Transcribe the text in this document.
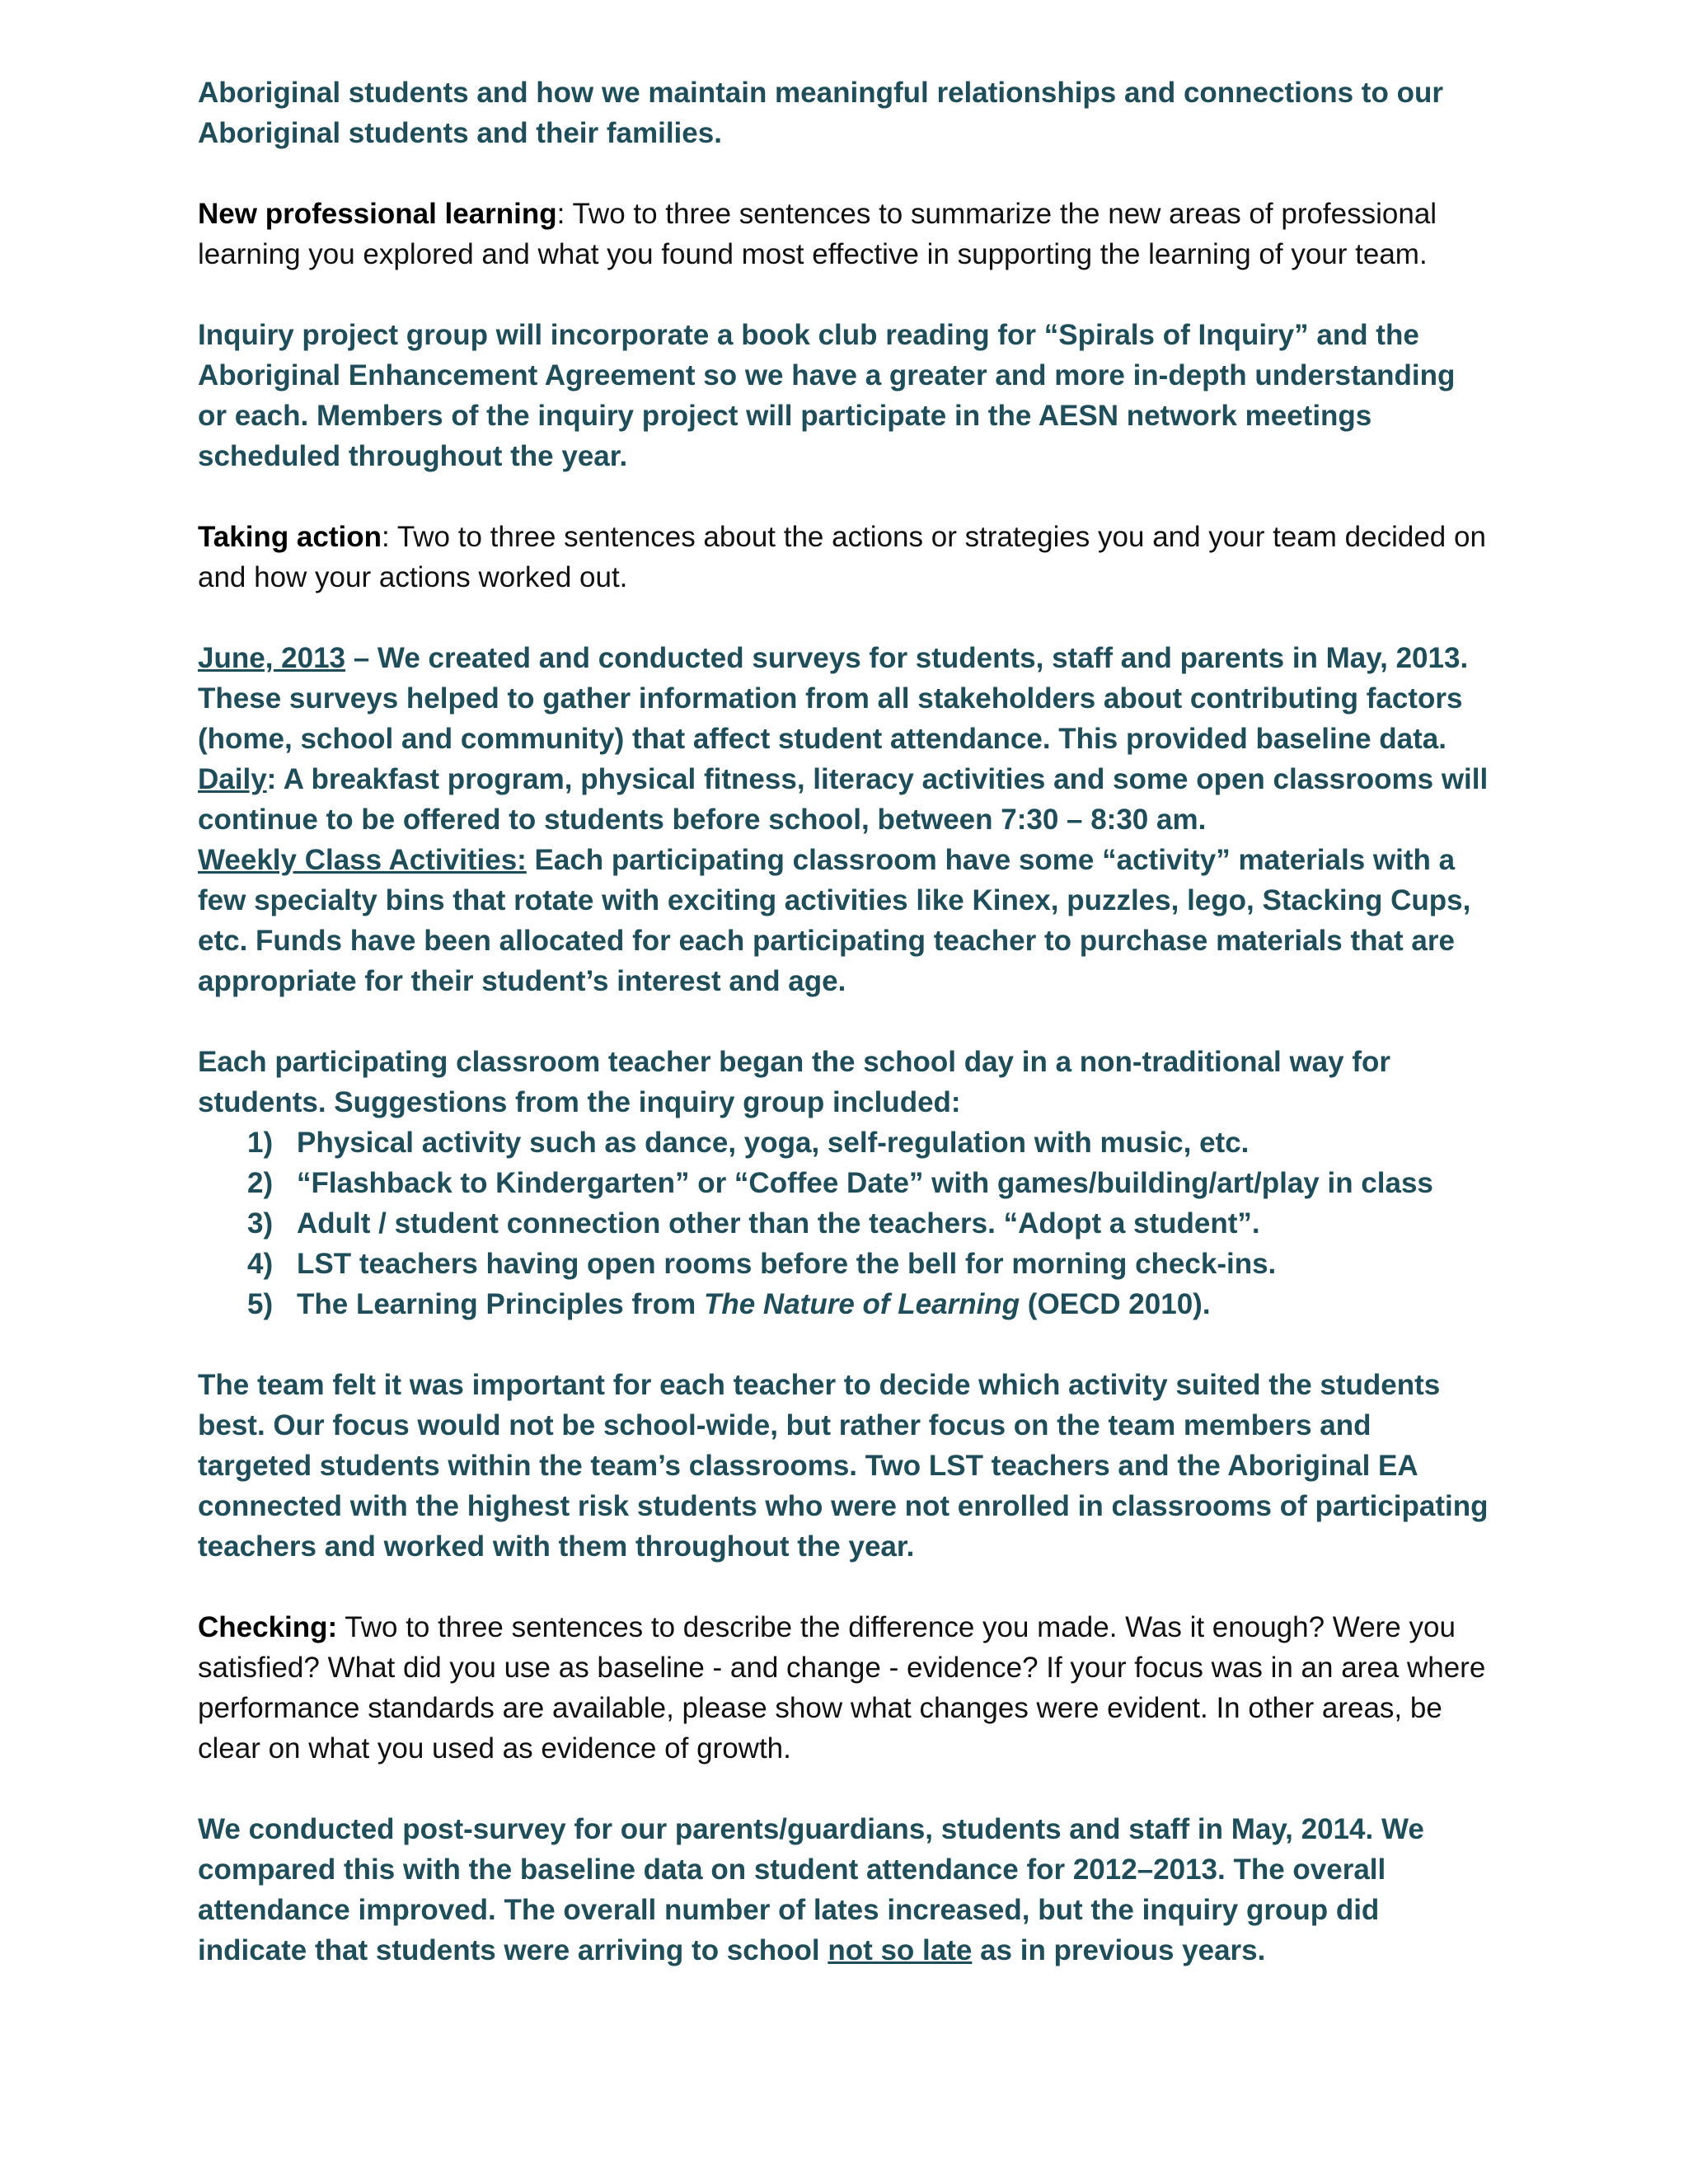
Aboriginal students and how we maintain meaningful relationships and connections to our Aboriginal students and their families.

New professional learning: Two to three sentences to summarize the new areas of professional learning you explored and what you found most effective in supporting the learning of your team.

Inquiry project group will incorporate a book club reading for “Spirals of Inquiry” and the Aboriginal Enhancement Agreement so we have a greater and more in-depth understanding or each. Members of the inquiry project will participate in the AESN network meetings scheduled throughout the year.

Taking action: Two to three sentences about the actions or strategies you and your team decided on and how your actions worked out.

June, 2013 – We created and conducted surveys for students, staff and parents in May, 2013. These surveys helped to gather information from all stakeholders about contributing factors (home, school and community) that affect student attendance. This provided baseline data.

Daily: A breakfast program, physical fitness, literacy activities and some open classrooms will continue to be offered to students before school, between 7:30 – 8:30 am.

Weekly Class Activities: Each participating classroom have some “activity” materials with a few specialty bins that rotate with exciting activities like Kinex, puzzles, lego, Stacking Cups, etc. Funds have been allocated for each participating teacher to purchase materials that are appropriate for their student’s interest and age.

Each participating classroom teacher began the school day in a non-traditional way for students. Suggestions from the inquiry group included:

1) Physical activity such as dance, yoga, self-regulation with music, etc.
2) “Flashback to Kindergarten” or “Coffee Date” with games/building/art/play in class
3) Adult / student connection other than the teachers. “Adopt a student”.
4) LST teachers having open rooms before the bell for morning check-ins.
5) The Learning Principles from The Nature of Learning (OECD 2010).

The team felt it was important for each teacher to decide which activity suited the students best. Our focus would not be school-wide, but rather focus on the team members and targeted students within the team’s classrooms. Two LST teachers and the Aboriginal EA connected with the highest risk students who were not enrolled in classrooms of participating teachers and worked with them throughout the year.

Checking: Two to three sentences to describe the difference you made. Was it enough? Were you satisfied? What did you use as baseline - and change - evidence? If your focus was in an area where performance standards are available, please show what changes were evident. In other areas, be clear on what you used as evidence of growth.

We conducted post-survey for our parents/guardians, students and staff in May, 2014. We compared this with the baseline data on student attendance for 2012–2013. The overall attendance improved. The overall number of lates increased, but the inquiry group did indicate that students were arriving to school not so late as in previous years.
